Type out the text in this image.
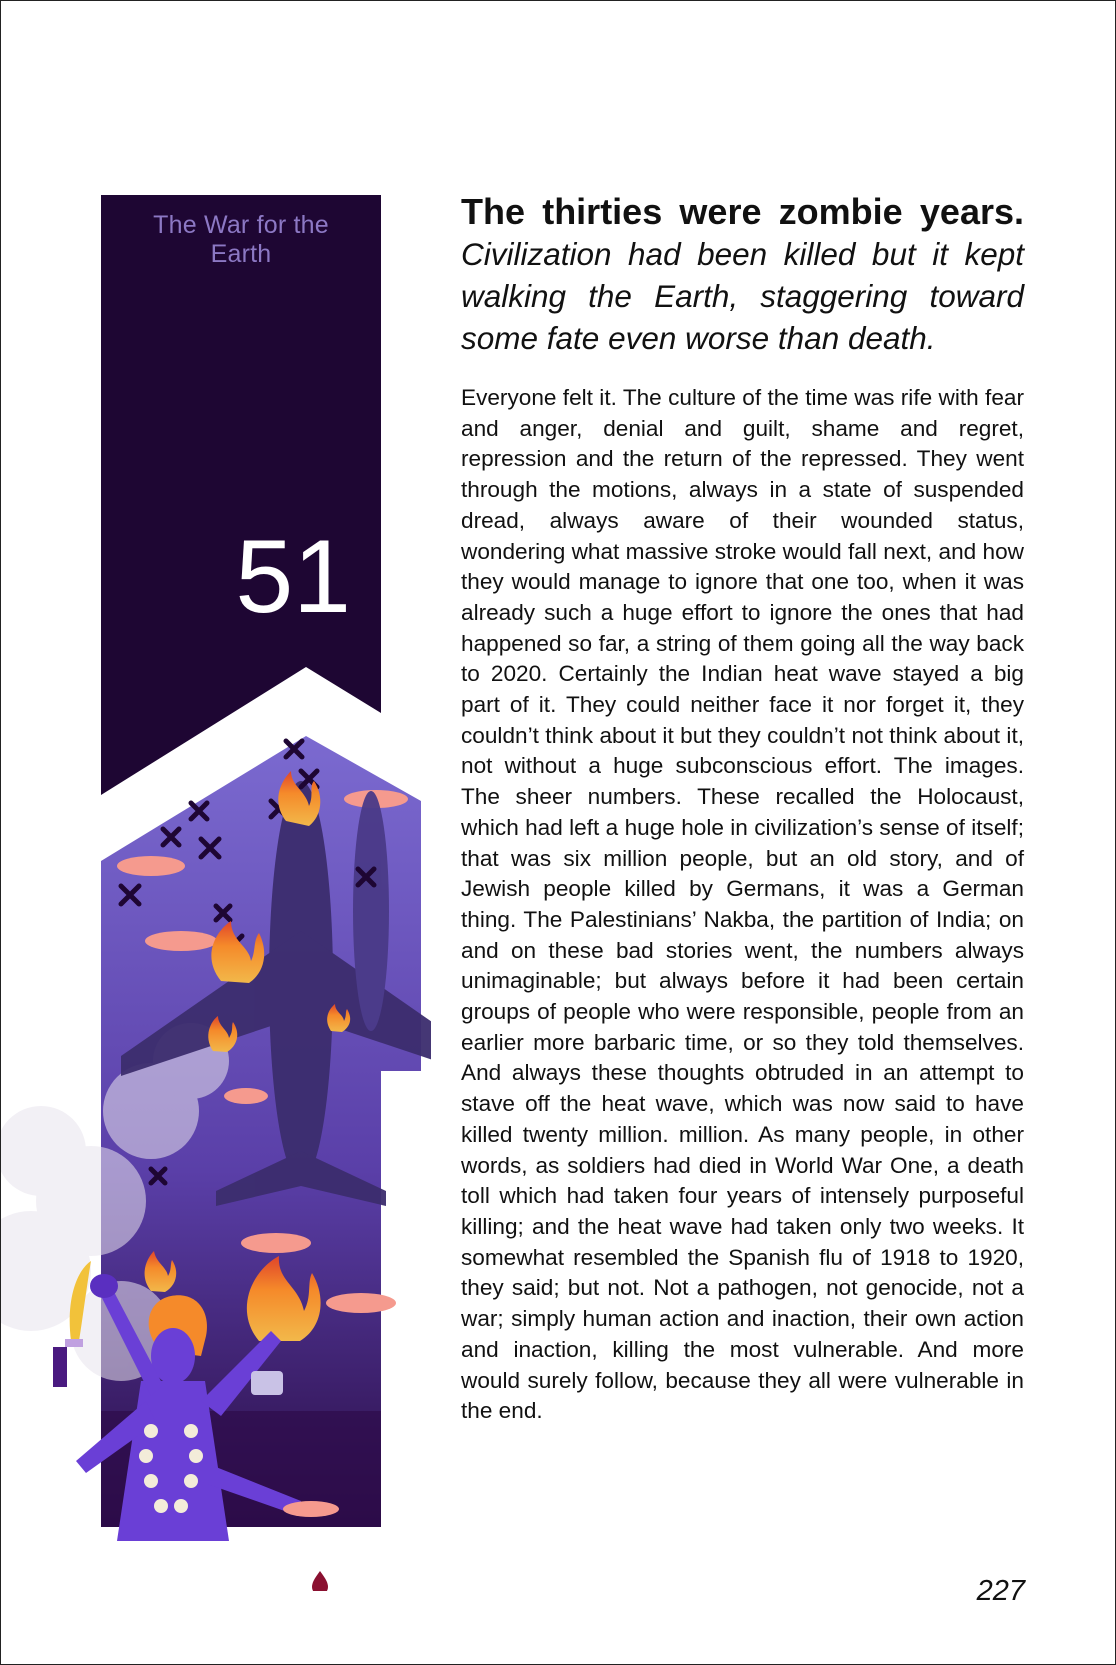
The War for the Earth
51

The thirties were zombie years.

Civilization had been killed but it kept walking the Earth, staggering toward some fate even worse than death.

Everyone felt it. The culture of the time was rife with fear and anger, denial and guilt, shame and regret, repression and the return of the repressed. They went through the motions, always in a state of suspended dread, always aware of their wounded status, wondering what massive stroke would fall next, and how they would manage to ignore that one too, when it was already such a huge effort to ignore the ones that had happened so far, a string of them going all the way back to 2020. Certainly the Indian heat wave stayed a big part of it. They could neither face it nor forget it, they couldn’t think about it but they couldn’t not think about it, not without a huge subconscious effort. The images. The sheer numbers. These recalled the Holocaust, which had left a huge hole in civilization’s sense of itself; that was six million people, but an old story, and of Jewish people killed by Germans, it was a German thing. The Palestinians’ Nakba, the partition of India; on and on these bad stories went, the numbers always unimaginable; but always before it had been certain groups of people who were responsible, people from an earlier more barbaric time, or so they told themselves. And always these thoughts obtruded in an attempt to stave off the heat wave, which was now said to have killed twenty million. million. As many people, in other words, as soldiers had died in World War One, a death toll which had taken four years of intensely purposeful killing; and the heat wave had taken only two weeks. It somewhat resembled the Spanish flu of 1918 to 1920, they said; but not. Not a pathogen, not genocide, not a war; simply human action and inaction, their own action and inaction, killing the most vulnerable. And more would surely follow, because they all were vulnerable in the end.

227
